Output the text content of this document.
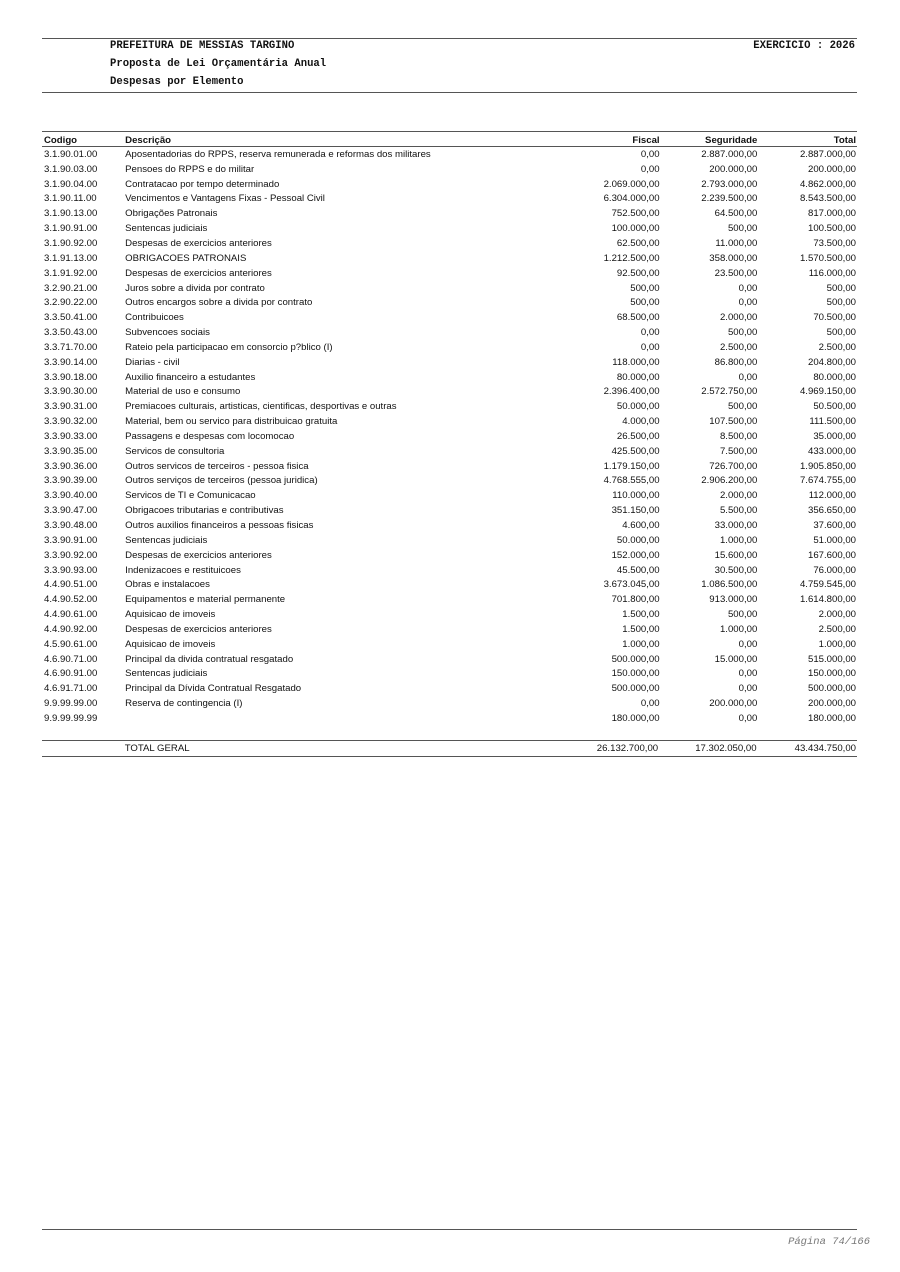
PREFEITURA DE MESSIAS TARGINO	EXERCICIO : 2026
Proposta de Lei Orçamentária Anual
Despesas por Elemento
Codigo	Descrição	Fiscal	Seguridade	Total
3.1.90.01.00	Aposentadorias do RPPS, reserva remunerada e reformas dos militares	0,00	2.887.000,00	2.887.000,00
3.1.90.03.00	Pensoes do RPPS e do militar	0,00	200.000,00	200.000,00
3.1.90.04.00	Contratacao por tempo determinado	2.069.000,00	2.793.000,00	4.862.000,00
3.1.90.11.00	Vencimentos e Vantagens Fixas - Pessoal Civil	6.304.000,00	2.239.500,00	8.543.500,00
3.1.90.13.00	Obrigações Patronais	752.500,00	64.500,00	817.000,00
3.1.90.91.00	Sentencas judiciais	100.000,00	500,00	100.500,00
3.1.90.92.00	Despesas de exercicios anteriores	62.500,00	11.000,00	73.500,00
3.1.91.13.00	OBRIGACOES PATRONAIS	1.212.500,00	358.000,00	1.570.500,00
3.1.91.92.00	Despesas de exercicios anteriores	92.500,00	23.500,00	116.000,00
3.2.90.21.00	Juros sobre a divida por contrato	500,00	0,00	500,00
3.2.90.22.00	Outros encargos sobre a divida por contrato	500,00	0,00	500,00
3.3.50.41.00	Contribuicoes	68.500,00	2.000,00	70.500,00
3.3.50.43.00	Subvencoes sociais	0,00	500,00	500,00
3.3.71.70.00	Rateio pela participacao em consorcio p?blico (I)	0,00	2.500,00	2.500,00
3.3.90.14.00	Diarias - civil	118.000,00	86.800,00	204.800,00
3.3.90.18.00	Auxilio financeiro a estudantes	80.000,00	0,00	80.000,00
3.3.90.30.00	Material de uso e consumo	2.396.400,00	2.572.750,00	4.969.150,00
3.3.90.31.00	Premiacoes culturais, artisticas, cientificas, desportivas e outras	50.000,00	500,00	50.500,00
3.3.90.32.00	Material, bem ou servico para distribuicao gratuita	4.000,00	107.500,00	111.500,00
3.3.90.33.00	Passagens e despesas com locomocao	26.500,00	8.500,00	35.000,00
3.3.90.35.00	Servicos de consultoria	425.500,00	7.500,00	433.000,00
3.3.90.36.00	Outros servicos de terceiros - pessoa fisica	1.179.150,00	726.700,00	1.905.850,00
3.3.90.39.00	Outros serviços de terceiros (pessoa juridica)	4.768.555,00	2.906.200,00	7.674.755,00
3.3.90.40.00	Servicos de TI e Comunicacao	110.000,00	2.000,00	112.000,00
3.3.90.47.00	Obrigacoes tributarias e contributivas	351.150,00	5.500,00	356.650,00
3.3.90.48.00	Outros auxilios financeiros a pessoas fisicas	4.600,00	33.000,00	37.600,00
3.3.90.91.00	Sentencas judiciais	50.000,00	1.000,00	51.000,00
3.3.90.92.00	Despesas de exercicios anteriores	152.000,00	15.600,00	167.600,00
3.3.90.93.00	Indenizacoes e restituicoes	45.500,00	30.500,00	76.000,00
4.4.90.51.00	Obras e instalacoes	3.673.045,00	1.086.500,00	4.759.545,00
4.4.90.52.00	Equipamentos e material permanente	701.800,00	913.000,00	1.614.800,00
4.4.90.61.00	Aquisicao de imoveis	1.500,00	500,00	2.000,00
4.4.90.92.00	Despesas de exercicios anteriores	1.500,00	1.000,00	2.500,00
4.5.90.61.00	Aquisicao de imoveis	1.000,00	0,00	1.000,00
4.6.90.71.00	Principal da divida contratual resgatado	500.000,00	15.000,00	515.000,00
4.6.90.91.00	Sentencas judiciais	150.000,00	0,00	150.000,00
4.6.91.71.00	Principal da Dívida Contratual Resgatado	500.000,00	0,00	500.000,00
9.9.99.99.00	Reserva de contingencia (I)	0,00	200.000,00	200.000,00
9.9.99.99.99		180.000,00	0,00	180.000,00
	TOTAL GERAL	26.132.700,00	17.302.050,00	43.434.750,00
Página 74/166
